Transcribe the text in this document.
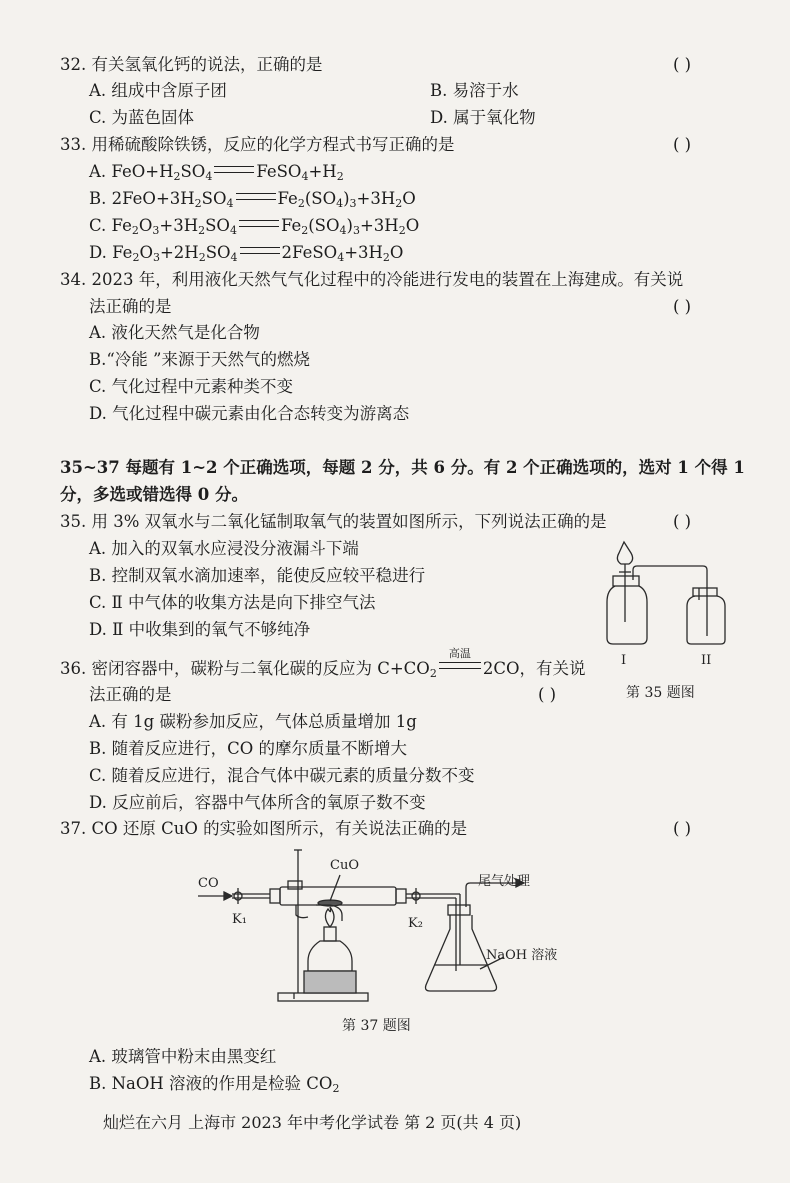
32. 有关氢氧化钙的说法，正确的是	( )
A. 组成中含原子团	B. 易溶于水
C. 为蓝色固体	D. 属于氧化物
33. 用稀硫酸除铁锈，反应的化学方程式书写正确的是	( )
A. $FeO+H_2SO_4$	$FeSO_4+H_2$
B. $2FeO+3H_2SO_4$	$Fe_2(SO_4)_3+3H_2O$
C. $Fe_2O_3+3H_2SO_4$	$Fe_2(SO_4)_3+3H_2O$
D. $Fe_2O_3+2H_2SO_4$	$2FeSO_4+3H_2O$
34. 2023 年，利用液化天然气气化过程中的冷能进行发电的装置在上海建成。有关说
法正确的是	( )
A. 液化天然气是化合物
B.“冷能 ”来源于天然气的燃烧
C. 气化过程中元素种类不变
D. 气化过程中碳元素由化合态转变为游离态
35~37 每题有 1~2 个正确选项，每题 2 分，共 6 分。有 2 个正确选项的，选对 1 个得 1
分，多选或错选得 0 分。
35. 用 3% 双氧水与二氧化锰制取氧气的装置如图所示，下列说法正确的是	( )
A. 加入的双氧水应浸没分液漏斗下端
B. 控制双氧水滴加速率，能使反应较平稳进行
C. Ⅱ 中气体的收集方法是向下排空气法
D. Ⅱ 中收集到的氧气不够纯净
I	II
第 35 题图
36. 密闭容器中，碳粉与二氧化碳的反应为 $C+CO_2$
高温
2CO，有关说
法正确的是	( )
A. 有 1g 碳粉参加反应，气体总质量增加 1g
B. 随着反应进行，CO 的摩尔质量不断增大
C. 随着反应进行，混合气体中碳元素的质量分数不变
D. 反应前后，容器中气体所含的氧原子数不变
37. CO 还原 CuO 的实验如图所示，有关说法正确的是	( )
CO
CuO
K₁	K₂
尾气处理
NaOH 溶液
第 37 题图
A. 玻璃管中粉末由黑变红
B. NaOH 溶液的作用是检验 $CO_2$
灿烂在六月 上海市 2023 年中考化学试卷 第 2 页(共 4 页)
